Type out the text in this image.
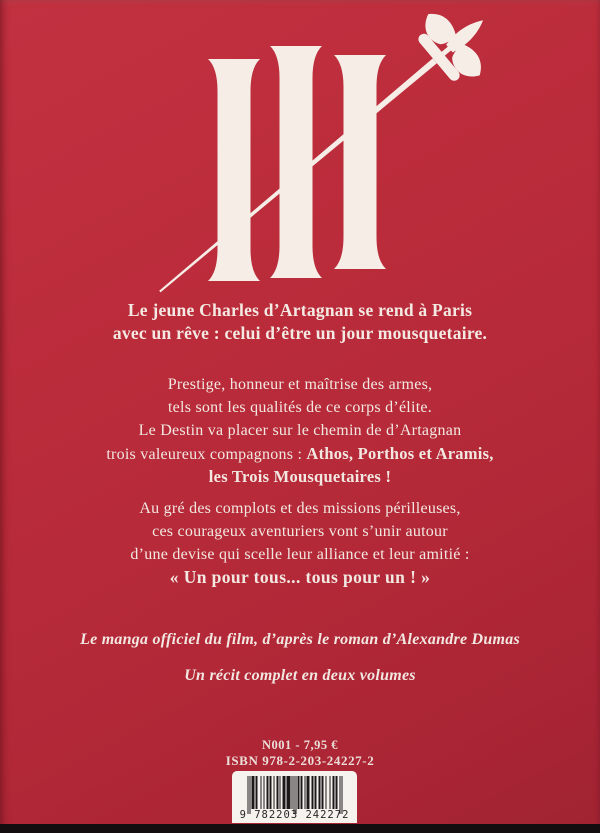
Le jeune Charles d’Artagnan se rend à Paris
avec un rêve : celui d’être un jour mousquetaire.
Prestige, honneur et maîtrise des armes,
tels sont les qualités de ce corps d’élite.
Le Destin va placer sur le chemin de d’Artagnan
trois valeureux compagnons : Athos, Porthos et Aramis,
les Trois Mousquetaires !
Au gré des complots et des missions périlleuses,
ces courageux aventuriers vont s’unir autour
d’une devise qui scelle leur alliance et leur amitié :
« Un pour tous... tous pour un ! »
Le manga officiel du film, d’après le roman d’Alexandre Dumas
Un récit complet en deux volumes
N001 - 7,95 €
ISBN 978-2-203-24227-2
9 782203 242272
